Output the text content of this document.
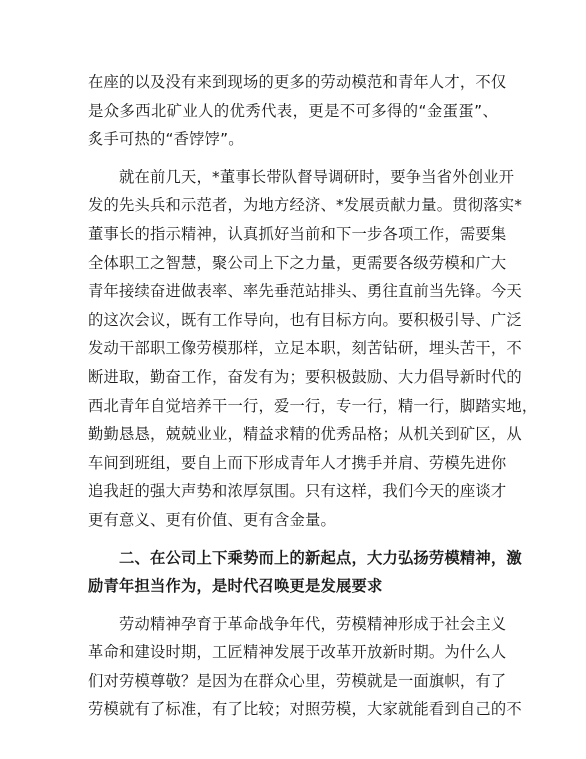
在座的以及没有来到现场的更多的劳动模范和青年人才，不仅
是众多西北矿业人的优秀代表，更是不可多得的“金蛋蛋”、
炙手可热的“香饽饽”。

　　就在前几天，*董事长带队督导调研时，要争当省外创业开
发的先头兵和示范者，为地方经济、*发展贡献力量。贯彻落实*
董事长的指示精神，认真抓好当前和下一步各项工作，需要集
全体职工之智慧，聚公司上下之力量，更需要各级劳模和广大
青年接续奋进做表率、率先垂范站排头、勇往直前当先锋。今天
的这次会议，既有工作导向，也有目标方向。要积极引导、广泛
发动干部职工像劳模那样，立足本职，刻苦钻研，埋头苦干，不
断进取，勤奋工作，奋发有为；要积极鼓励、大力倡导新时代的
西北青年自觉培养干一行，爱一行，专一行，精一行，脚踏实地，
勤勤恳恳，兢兢业业，精益求精的优秀品格；从机关到矿区，从
车间到班组，要自上而下形成青年人才携手并肩、劳模先进你
追我赶的强大声势和浓厚氛围。只有这样，我们今天的座谈才
更有意义、更有价值、更有含金量。

　　二、在公司上下乘势而上的新起点，大力弘扬劳模精神，激
励青年担当作为，是时代召唤更是发展要求

　　劳动精神孕育于革命战争年代，劳模精神形成于社会主义
革命和建设时期，工匠精神发展于改革开放新时期。为什么人
们对劳模尊敬？是因为在群众心里，劳模就是一面旗帜，有了
劳模就有了标准，有了比较；对照劳模，大家就能看到自己的不
